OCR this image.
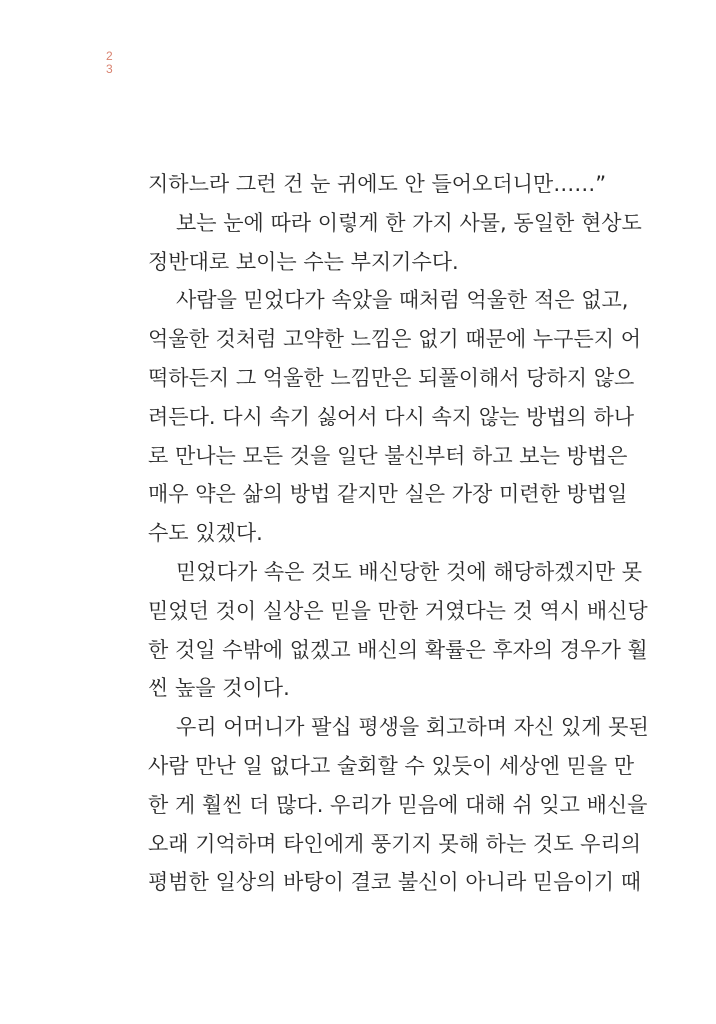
2
3
지하느라 그런 건 눈 귀에도 안 들어오더니만……”
보는 눈에 따라 이렇게 한 가지 사물, 동일한 현상도
정반대로 보이는 수는 부지기수다.
사람을 믿었다가 속았을 때처럼 억울한 적은 없고,
억울한 것처럼 고약한 느낌은 없기 때문에 누구든지 어
떡하든지 그 억울한 느낌만은 되풀이해서 당하지 않으
려든다. 다시 속기 싫어서 다시 속지 않는 방법의 하나
로 만나는 모든 것을 일단 불신부터 하고 보는 방법은
매우 약은 삶의 방법 같지만 실은 가장 미련한 방법일
수도 있겠다.
믿었다가 속은 것도 배신당한 것에 해당하겠지만 못
믿었던 것이 실상은 믿을 만한 거였다는 것 역시 배신당
한 것일 수밖에 없겠고 배신의 확률은 후자의 경우가 훨
씬 높을 것이다.
우리 어머니가 팔십 평생을 회고하며 자신 있게 못된
사람 만난 일 없다고 술회할 수 있듯이 세상엔 믿을 만
한 게 훨씬 더 많다. 우리가 믿음에 대해 쉬 잊고 배신을
오래 기억하며 타인에게 풍기지 못해 하는 것도 우리의
평범한 일상의 바탕이 결코 불신이 아니라 믿음이기 때
